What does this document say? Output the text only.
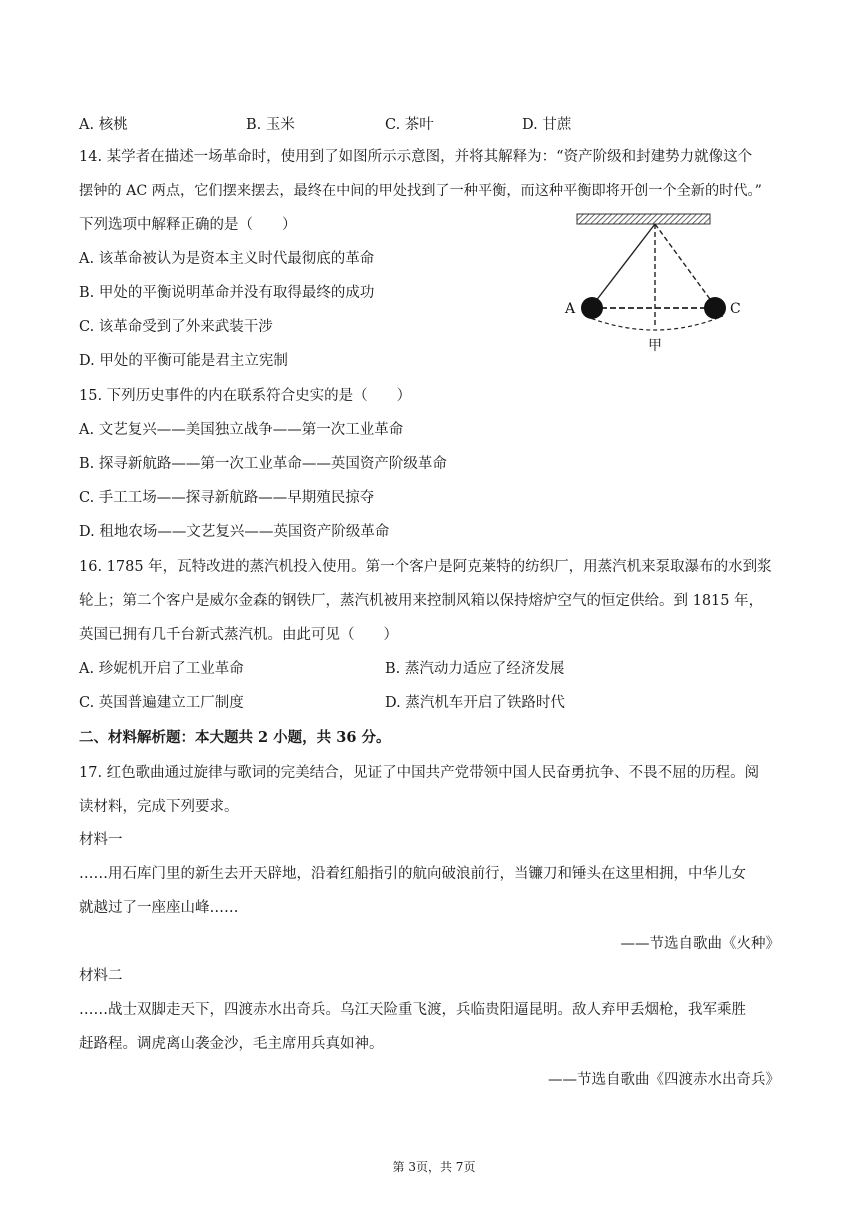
A. 核桃	B. 玉米	C. 茶叶	D. 甘蔗
14. 某学者在描述一场革命时，使用到了如图所示示意图，并将其解释为：“资产阶级和封建势力就像这个
摆钟的 AC 两点，它们摆来摆去，最终在中间的甲处找到了一种平衡，而这种平衡即将开创一个全新的时代。”
下列选项中解释正确的是（　　）
A. 该革命被认为是资本主义时代最彻底的革命
B. 甲处的平衡说明革命并没有取得最终的成功
C. 该革命受到了外来武装干涉
D. 甲处的平衡可能是君主立宪制
A	C
甲
15. 下列历史事件的内在联系符合史实的是（　　）
A. 文艺复兴——美国独立战争——第一次工业革命
B. 探寻新航路——第一次工业革命——英国资产阶级革命
C. 手工工场——探寻新航路——早期殖民掠夺
D. 租地农场——文艺复兴——英国资产阶级革命
16. 1785 年，瓦特改进的蒸汽机投入使用。第一个客户是阿克莱特的纺织厂，用蒸汽机来泵取瀑布的水到浆
轮上；第二个客户是威尔金森的钢铁厂，蒸汽机被用来控制风箱以保持熔炉空气的恒定供给。到 1815 年，
英国已拥有几千台新式蒸汽机。由此可见（　　）
A. 珍妮机开启了工业革命	B. 蒸汽动力适应了经济发展
C. 英国普遍建立工厂制度	D. 蒸汽机车开启了铁路时代
二、材料解析题：本大题共 2 小题，共 36 分。
17. 红色歌曲通过旋律与歌词的完美结合，见证了中国共产党带领中国人民奋勇抗争、不畏不屈的历程。阅
读材料，完成下列要求。
材料一
……用石库门里的新生去开天辟地，沿着红船指引的航向破浪前行，当镰刀和锤头在这里相拥，中华儿女
就越过了一座座山峰……
——节选自歌曲《火种》
材料二
……战士双脚走天下，四渡赤水出奇兵。乌江天险重飞渡，兵临贵阳逼昆明。敌人弃甲丢烟枪，我军乘胜
赶路程。调虎离山袭金沙，毛主席用兵真如神。
——节选自歌曲《四渡赤水出奇兵》
第 3页，共 7页
